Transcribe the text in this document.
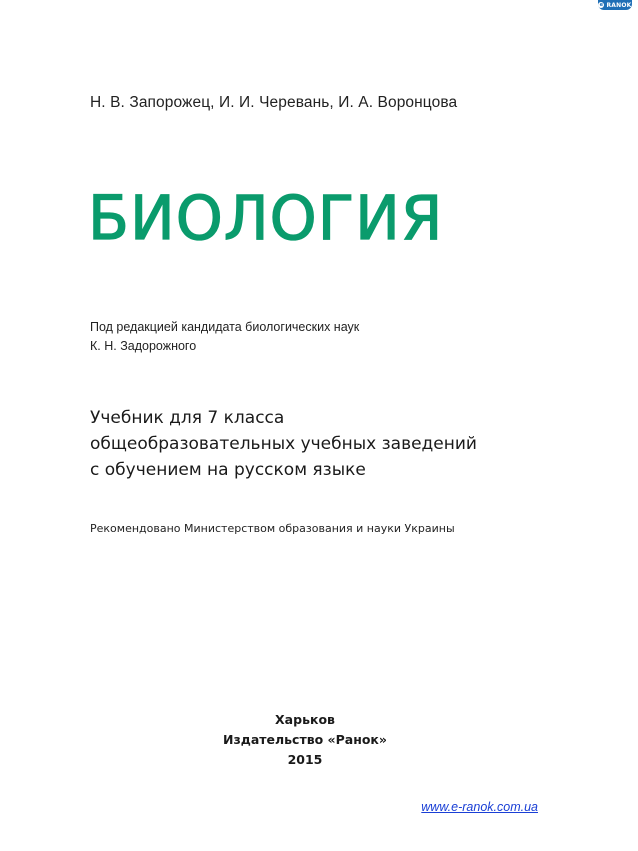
e RANOK
Н. В. Запорожец, И. И. Черевань, И. А. Воронцова
БИОЛОГИЯ
Под редакцией кандидата биологических наук
К. Н. Задорожного
Учебник для 7 класса
общеобразовательных учебных заведений
с обучением на русском языке
Рекомендовано Министерством образования и науки Украины
Харьков
Издательство «Ранок»
2015
www.e-ranok.com.ua
